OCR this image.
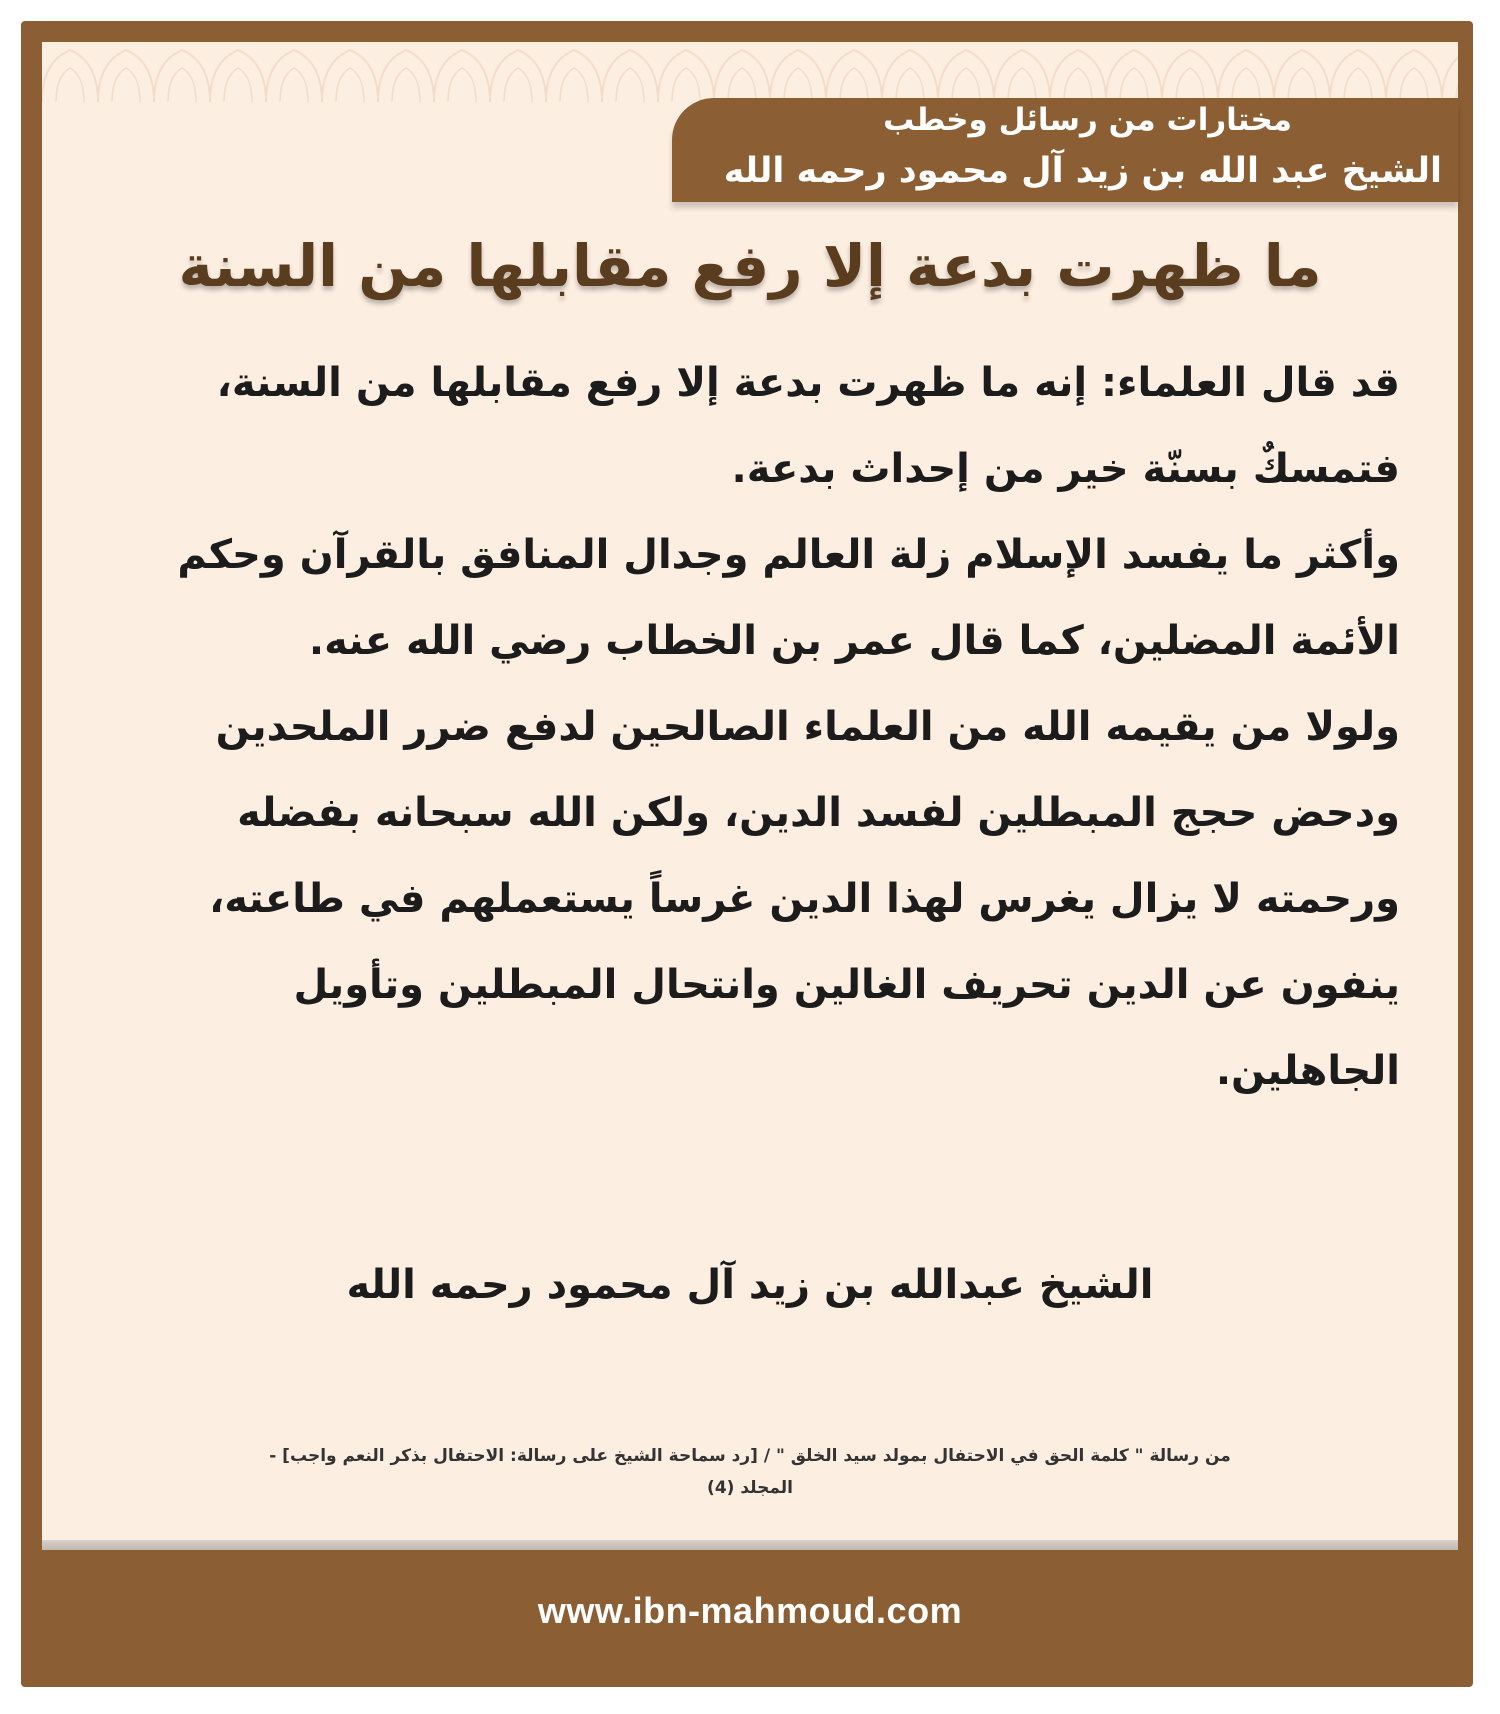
مختارات من رسائل وخطب
الشيخ عبد الله بن زيد آل محمود رحمه الله
ما ظهرت بدعة إلا رفع مقابلها من السنة

قد قال العلماء: إنه ما ظهرت بدعة إلا رفع مقابلها من السنة، فتمسكٌ بسنّة خير من إحداث بدعة.

وأكثر ما يفسد الإسلام زلة العالم وجدال المنافق بالقرآن وحكم الأئمة المضلين، كما قال عمر بن الخطاب رضي الله عنه.

ولولا من يقيمه الله من العلماء الصالحين لدفع ضرر الملحدين ودحض حجج المبطلين لفسد الدين، ولكن الله سبحانه بفضله ورحمته لا يزال يغرس لهذا الدين غرساً يستعملهم في طاعته، ينفون عن الدين تحريف الغالين وانتحال المبطلين وتأويل الجاهلين.

الشيخ عبدالله بن زيد آل محمود رحمه الله
من رسالة " كلمة الحق في الاحتفال بمولد سيد الخلق " / [رد سماحة الشيخ على رسالة: الاحتفال بذكر النعم واجب] -
المجلد (4)
www.ibn-mahmoud.com
